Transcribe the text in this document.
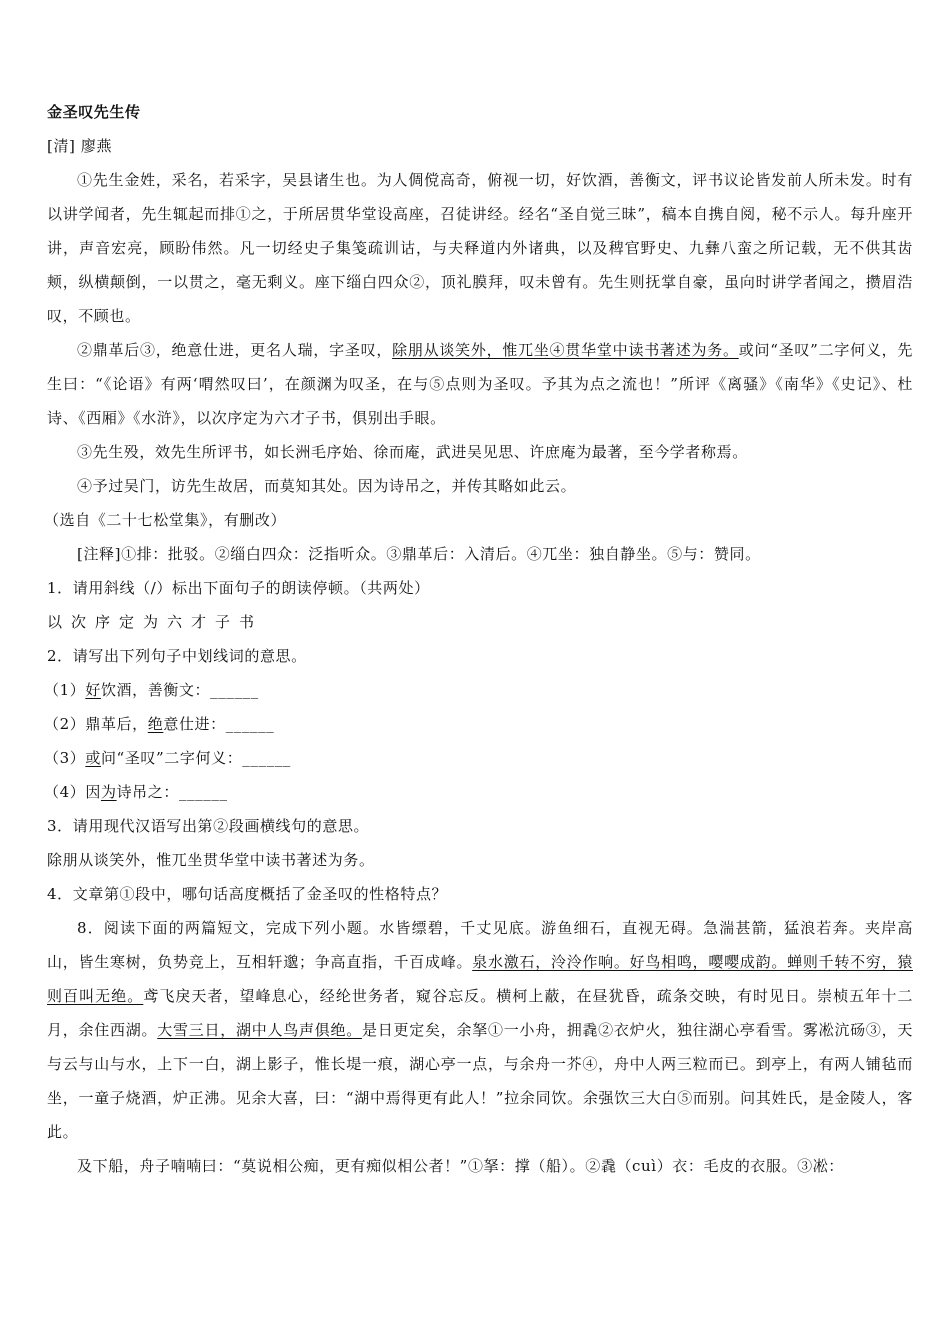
金圣叹先生传
[清] 廖燕
①先生金姓，采名，若采字，吴县诸生也。为人倜傥高奇，俯视一切，好饮酒，善衡文，评书议论皆发前人所未发。时有以讲学闻者，先生辄起而排①之，于所居贯华堂设高座，召徒讲经。经名“圣自觉三昧”，稿本自携自阅，秘不示人。每升座开讲，声音宏亮，顾盼伟然。凡一切经史子集笺疏训诂，与夫释道内外诸典，以及稗官野史、九彝八蛮之所记载，无不供其齿颊，纵横颠倒，一以贯之，毫无剩义。座下缁白四众②，顶礼膜拜，叹未曾有。先生则抚掌自豪，虽向时讲学者闻之，攒眉浩叹，不顾也。
②鼎革后③，绝意仕进，更名人瑞，字圣叹，除朋从谈笑外，惟兀坐④贯华堂中读书著述为务。或问“圣叹”二字何义，先生曰：“《论语》有两‘喟然叹曰’，在颜渊为叹圣，在与⑤点则为圣叹。予其为点之流也！”所评《离骚》《南华》《史记》、杜诗、《西厢》《水浒》，以次序定为六才子书，俱别出手眼。
③先生殁，效先生所评书，如长洲毛序始、徐而庵，武进吴见思、许庶庵为最著，至今学者称焉。
④予过吴门，访先生故居，而莫知其处。因为诗吊之，并传其略如此云。
（选自《二十七松堂集》，有删改）
[注释]①排：批驳。②缁白四众：泛指听众。③鼎革后：入清后。④兀坐：独自静坐。⑤与：赞同。
1．请用斜线（/）标出下面句子的朗读停顿。（共两处）
以次序定为六才子书
2．请写出下列句子中划线词的意思。
（1）好饮酒，善衡文：______
（2）鼎革后，绝意仕进：______
（3）或问“圣叹”二字何义：______
（4）因为诗吊之：______
3．请用现代汉语写出第②段画横线句的意思。
除朋从谈笑外，惟兀坐贯华堂中读书著述为务。
4．文章第①段中，哪句话高度概括了金圣叹的性格特点？
8．阅读下面的两篇短文，完成下列小题。水皆缥碧，千丈见底。游鱼细石，直视无碍。急湍甚箭，猛浪若奔。夹岸高山，皆生寒树，负势竞上，互相轩邈；争高直指，千百成峰。泉水激石，泠泠作响。好鸟相鸣，嘤嘤成韵。蝉则千转不穷，猿则百叫无绝。鸢飞戾天者，望峰息心，经纶世务者，窥谷忘反。横柯上蔽，在昼犹昏，疏条交映，有时见日。崇桢五年十二月，余住西湖。大雪三日，湖中人鸟声俱绝。是日更定矣，余拏①一小舟，拥毳②衣炉火，独往湖心亭看雪。雾凇沆砀③，天与云与山与水，上下一白，湖上影子，惟长堤一痕，湖心亭一点，与余舟一芥④，舟中人两三粒而已。到亭上，有两人铺毡而坐，一童子烧酒，炉正沸。见余大喜，曰：“湖中焉得更有此人！”拉余同饮。余强饮三大白⑤而别。问其姓氏，是金陵人，客此。
及下船，舟子喃喃曰：“莫说相公痴，更有痴似相公者！”①拏：撑（船）。②毳（cuì）衣：毛皮的衣服。③凇：
